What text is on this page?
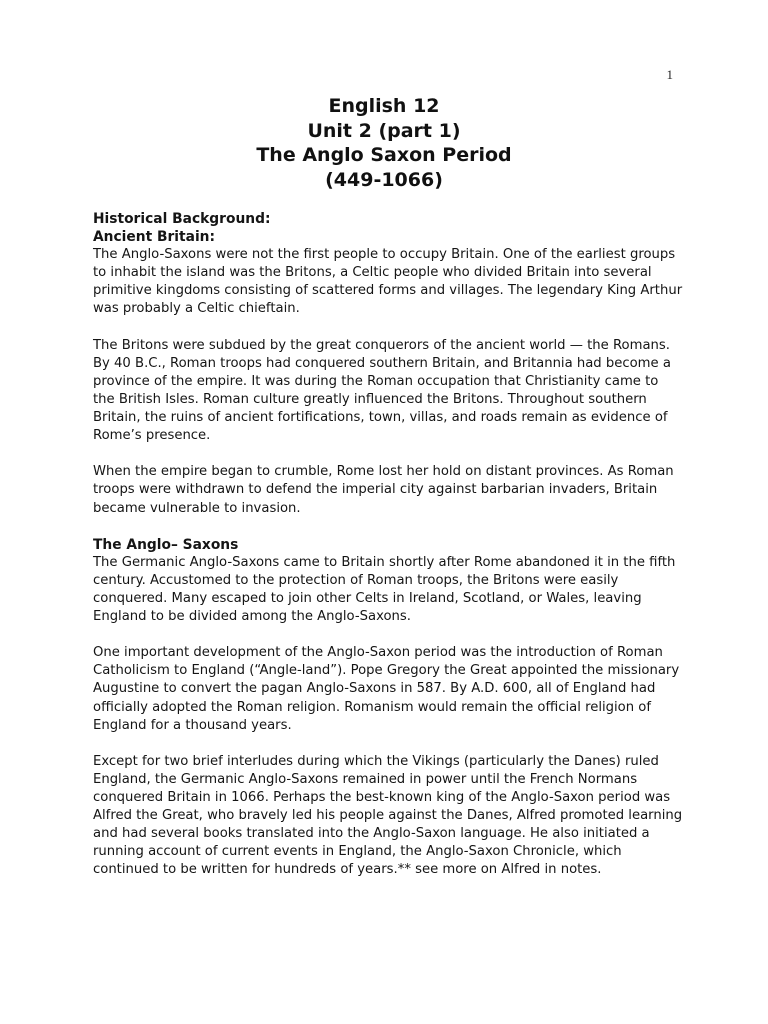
1
English 12
Unit 2 (part 1)
The Anglo Saxon Period
(449-1066)
Historical Background:
Ancient Britain:

The Anglo-Saxons were not the first people to occupy Britain. One of the earliest groups to inhabit the island was the Britons, a Celtic people who divided Britain into several primitive kingdoms consisting of scattered forms and villages. The legendary King Arthur was probably a Celtic chieftain.

The Britons were subdued by the great conquerors of the ancient world — the Romans. By 40 B.C., Roman troops had conquered southern Britain, and Britannia had become a province of the empire. It was during the Roman occupation that Christianity came to the British Isles. Roman culture greatly influenced the Britons. Throughout southern Britain, the ruins of ancient fortifications, town, villas, and roads remain as evidence of Rome’s presence.

When the empire began to crumble, Rome lost her hold on distant provinces. As Roman troops were withdrawn to defend the imperial city against barbarian invaders, Britain became vulnerable to invasion.

The Anglo– Saxons

The Germanic Anglo-Saxons came to Britain shortly after Rome abandoned it in the fifth century. Accustomed to the protection of Roman troops, the Britons were easily conquered. Many escaped to join other Celts in Ireland, Scotland, or Wales, leaving England to be divided among the Anglo-Saxons.

One important development of the Anglo-Saxon period was the introduction of Roman Catholicism to England (“Angle-land”). Pope Gregory the Great appointed the missionary Augustine to convert the pagan Anglo-Saxons in 587. By A.D. 600, all of England had officially adopted the Roman religion. Romanism would remain the official religion of England for a thousand years.

Except for two brief interludes during which the Vikings (particularly the Danes) ruled England, the Germanic Anglo-Saxons remained in power until the French Normans conquered Britain in 1066. Perhaps the best-known king of the Anglo-Saxon period was Alfred the Great, who bravely led his people against the Danes, Alfred promoted learning and had several books translated into the Anglo-Saxon language. He also initiated a running account of current events in England, the Anglo-Saxon Chronicle, which continued to be written for hundreds of years.** see more on Alfred in notes.
